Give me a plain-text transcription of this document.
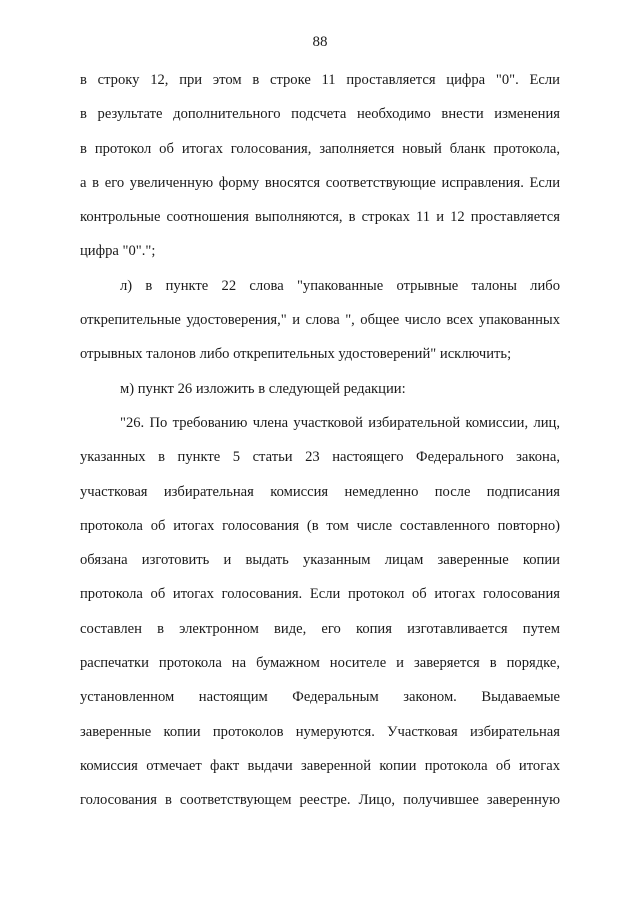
88
в строку 12, при этом в строке 11 проставляется цифра "0". Если
в результате дополнительного подсчета необходимо внести изменения
в протокол об итогах голосования, заполняется новый бланк протокола,
а в его увеличенную форму вносятся соответствующие исправления. Если
контрольные соотношения выполняются, в строках 11 и 12 проставляется
цифра "0".";
л) в пункте 22 слова "упакованные отрывные талоны либо
открепительные удостоверения," и слова ", общее число всех упакованных
отрывных талонов либо открепительных удостоверений" исключить;
м) пункт 26 изложить в следующей редакции:
"26. По требованию члена участковой избирательной комиссии, лиц,
указанных в пункте 5 статьи 23 настоящего Федерального закона,
участковая избирательная комиссия немедленно после подписания
протокола об итогах голосования (в том числе составленного повторно)
обязана изготовить и выдать указанным лицам заверенные копии
протокола об итогах голосования. Если протокол об итогах голосования
составлен в электронном виде, его копия изготавливается путем
распечатки протокола на бумажном носителе и заверяется в порядке,
установленном настоящим Федеральным законом. Выдаваемые
заверенные копии протоколов нумеруются. Участковая избирательная
комиссия отмечает факт выдачи заверенной копии протокола об итогах
голосования в соответствующем реестре. Лицо, получившее заверенную
